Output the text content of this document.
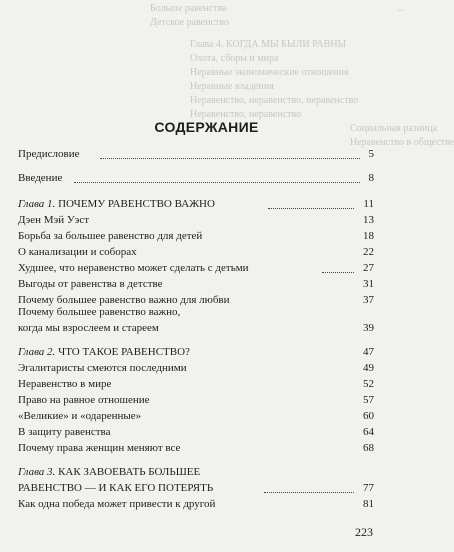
Больше равенства	...
Детское равенство
Глава 4. КОГДА МЫ БЫЛИ РАВНЫ
Охота, сборы и мира
Неравные экономические отношения
Неравные владения
Неравенство, неравенство, неравенство
Неравенство, неравенство
Социальная разница
Неравенство в обществе
СОДЕРЖАНИЕ
Предисловие	5
Введение	8
Глава 1. ПОЧЕМУ РАВЕНСТВО ВАЖНО	11
Дэен Мэй Уэст	13
Борьба за большее равенство для детей	18
О канализации и соборах	22
Худшее, что неравенство может сделать с детьми	27
Выгоды от равенства в детстве	31
Почему большее равенство важно для любви	37
Почему большее равенство важно,
когда мы взрослеем и стареем	39
Глава 2. ЧТО ТАКОЕ РАВЕНСТВО?	47
Эгалитаристы смеются последними	49
Неравенство в мире	52
Право на равное отношение	57
«Великие» и «одаренные»	60
В защиту равенства	64
Почему права женщин меняют все	68
Глава 3. КАК ЗАВОЕВАТЬ БОЛЬШЕЕ
РАВЕНСТВО — И КАК ЕГО ПОТЕРЯТЬ	77
Как одна победа может привести к другой	81
223
